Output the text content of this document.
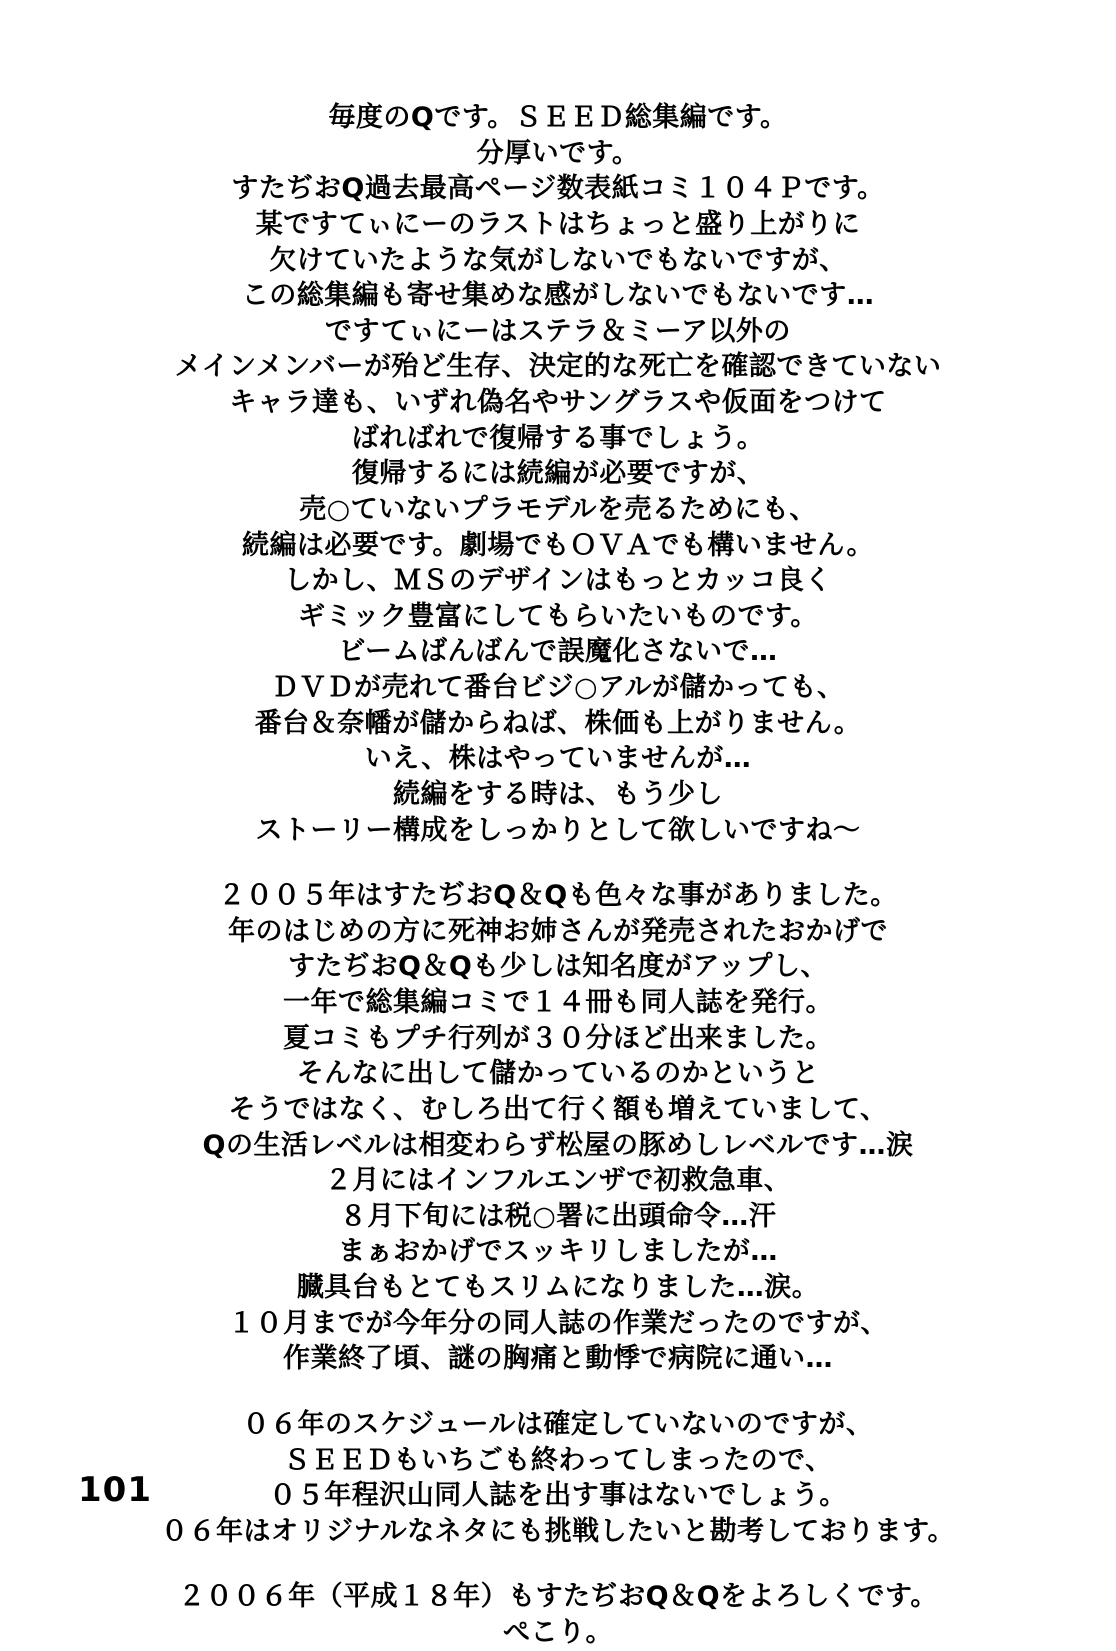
毎度のQです。ＳＥＥＤ総集編です。
分厚いです。
すたぢおQ過去最高ページ数表紙コミ１０４Ｐです。
某ですてぃにーのラストはちょっと盛り上がりに
欠けていたような気がしないでもないですが、
この総集編も寄せ集めな感がしないでもないです…
ですてぃにーはステラ＆ミーア以外の
メインメンバーが殆ど生存、決定的な死亡を確認できていない
キャラ達も、いずれ偽名やサングラスや仮面をつけて
ばればれで復帰する事でしょう。
復帰するには続編が必要ですが、
売○ていないプラモデルを売るためにも、
続編は必要です。劇場でもＯＶＡでも構いません。
しかし、ＭＳのデザインはもっとカッコ良く
ギミック豊富にしてもらいたいものです。
ビームばんばんで誤魔化さないで…
ＤＶＤが売れて番台ビジ○アルが儲かっても、
番台＆奈幡が儲からねば、株価も上がりません。
いえ、株はやっていませんが…
続編をする時は、もう少し
ストーリー構成をしっかりとして欲しいですね～
２００５年はすたぢおQ＆Qも色々な事がありました。
年のはじめの方に死神お姉さんが発売されたおかげで
すたぢおQ＆Qも少しは知名度がアップし、
一年で総集編コミで１４冊も同人誌を発行。
夏コミもプチ行列が３０分ほど出来ました。
そんなに出して儲かっているのかというと
そうではなく、むしろ出て行く額も増えていまして、
Qの生活レベルは相変わらず松屋の豚めしレベルです…涙
２月にはインフルエンザで初救急車、
８月下旬には税○署に出頭命令…汗
まぁおかげでスッキリしましたが…
臓具台もとてもスリムになりました…涙。
１０月までが今年分の同人誌の作業だったのですが、
作業終了頃、謎の胸痛と動悸で病院に通い…
０６年のスケジュールは確定していないのですが、
ＳＥＥＤもいちごも終わってしまったので、
０５年程沢山同人誌を出す事はないでしょう。
０６年はオリジナルなネタにも挑戦したいと勘考しております。
２００６年（平成１８年）もすたぢおQ＆Qをよろしくです。
ぺこり。
101
